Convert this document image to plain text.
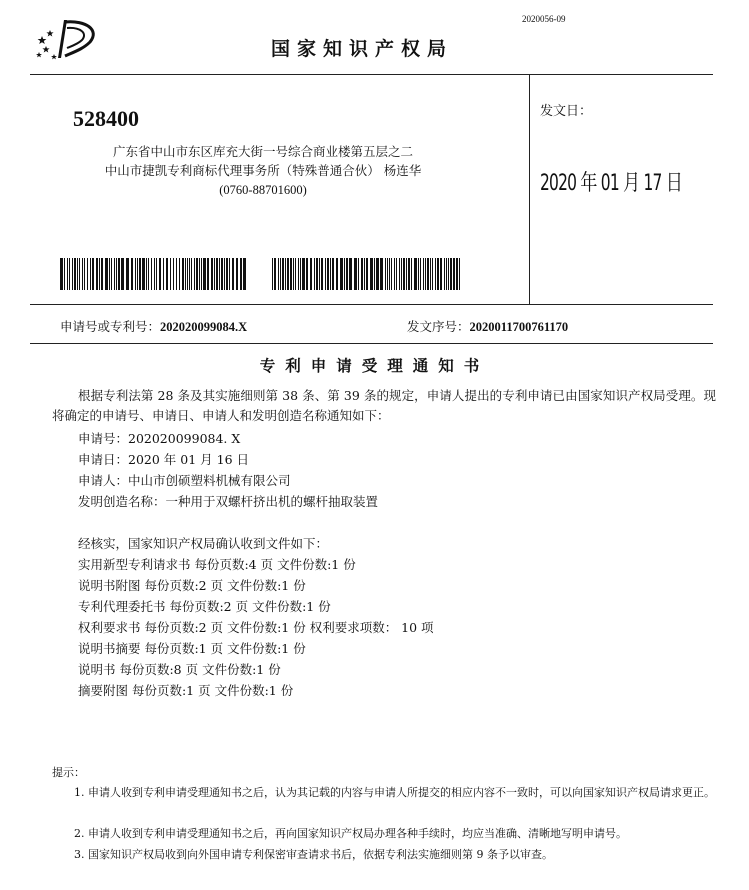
2020056-09
国家知识产权局
528400
广东省中山市东区库充大街一号综合商业楼第五层之二
中山市捷凯专利商标代理事务所（特殊普通合伙） 杨连华
(0760-88701600)
发文日：
2020 年 01 月 17 日
申请号或专利号：202020099084.X	发文序号：2020011700761170
专利申请受理通知书
根据专利法第 28 条及其实施细则第 38 条、第 39 条的规定，申请人提出的专利申请已由国家知识产权局受理。现将确定的申请号、申请日、申请人和发明创造名称通知如下：
申请号：202020099084. X
申请日：2020 年 01 月 16 日
申请人：中山市创硕塑料机械有限公司
发明创造名称：一种用于双螺杆挤出机的螺杆抽取装置
经核实，国家知识产权局确认收到文件如下：
实用新型专利请求书 每份页数:4 页 文件份数:1 份
说明书附图 每份页数:2 页 文件份数:1 份
专利代理委托书 每份页数:2 页 文件份数:1 份
权利要求书 每份页数:2 页 文件份数:1 份 权利要求项数： 10 项
说明书摘要 每份页数:1 页 文件份数:1 份
说明书 每份页数:8 页 文件份数:1 份
摘要附图 每份页数:1 页 文件份数:1 份
提示：
1. 申请人收到专利申请受理通知书之后，认为其记载的内容与申请人所提交的相应内容不一致时，可以向国家知识产权局请求更正。
2. 申请人收到专利申请受理通知书之后，再向国家知识产权局办理各种手续时，均应当准确、清晰地写明申请号。
3. 国家知识产权局收到向外国申请专利保密审查请求书后，依据专利法实施细则第 9 条予以审查。
